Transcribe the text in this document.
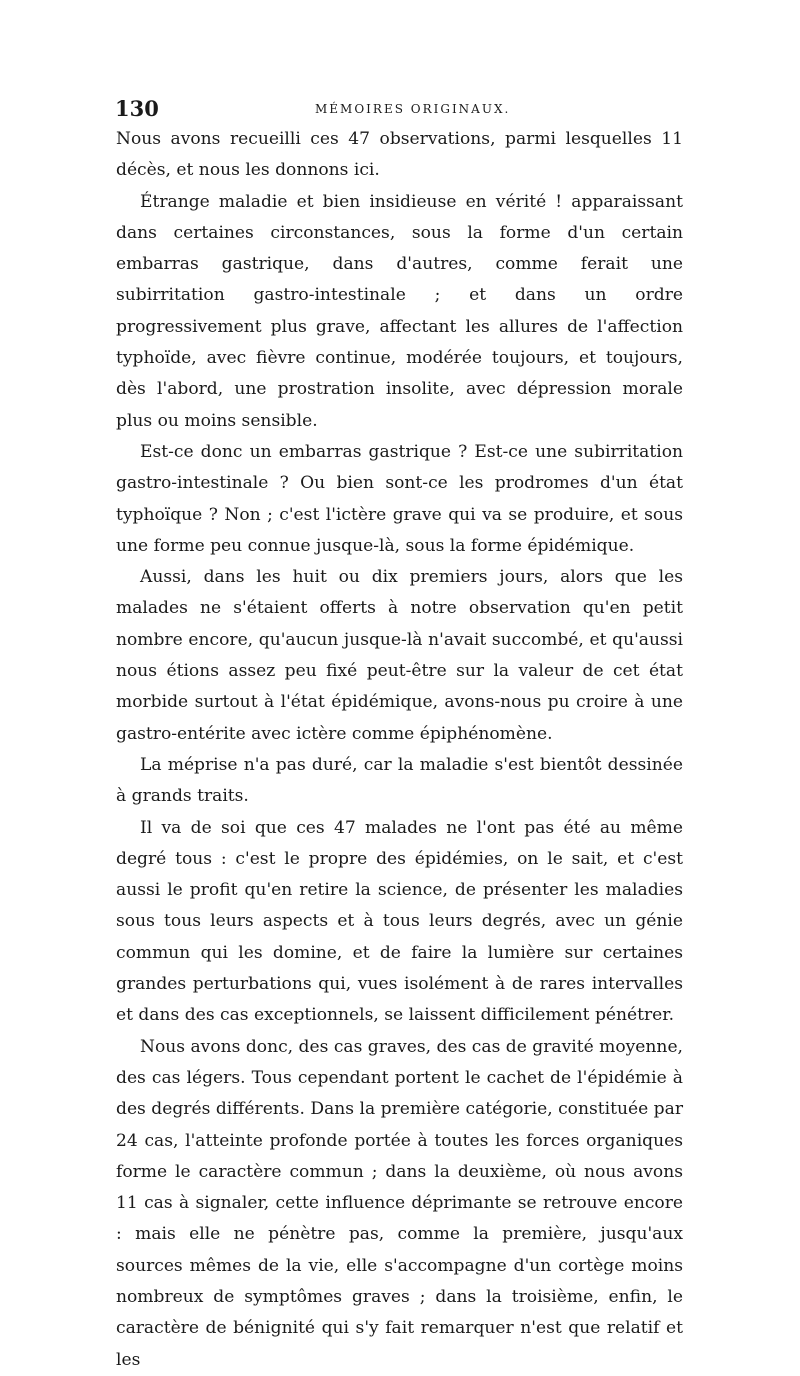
130	MÉMOIRES ORIGINAUX.

Nous avons recueilli ces 47 observations, parmi lesquelles 11 décès, et nous les donnons ici.

Étrange maladie et bien insidieuse en vérité ! apparaissant dans certaines circonstances, sous la forme d'un certain embarras gastrique, dans d'autres, comme ferait une subirritation gastro-intestinale ; et dans un ordre progressivement plus grave, affectant les allures de l'affection typhoïde, avec fièvre continue, modérée toujours, et toujours, dès l'abord, une prostration insolite, avec dépression morale plus ou moins sensible.

Est-ce donc un embarras gastrique ? Est-ce une subirritation gastro-intestinale ? Ou bien sont-ce les prodromes d'un état typhoïque ? Non ; c'est l'ictère grave qui va se produire, et sous une forme peu connue jusque-là, sous la forme épidémique.

Aussi, dans les huit ou dix premiers jours, alors que les malades ne s'étaient offerts à notre observation qu'en petit nombre encore, qu'aucun jusque-là n'avait succombé, et qu'aussi nous étions assez peu fixé peut-être sur la valeur de cet état morbide surtout à l'état épidémique, avons-nous pu croire à une gastro-entérite avec ictère comme épiphénomène.

La méprise n'a pas duré, car la maladie s'est bientôt dessinée à grands traits.

Il va de soi que ces 47 malades ne l'ont pas été au même degré tous : c'est le propre des épidémies, on le sait, et c'est aussi le profit qu'en retire la science, de présenter les maladies sous tous leurs aspects et à tous leurs degrés, avec un génie commun qui les domine, et de faire la lumière sur certaines grandes perturbations qui, vues isolément à de rares intervalles et dans des cas exceptionnels, se laissent difficilement pénétrer.

Nous avons donc, des cas graves, des cas de gravité moyenne, des cas légers. Tous cependant portent le cachet de l'épidémie à des degrés différents. Dans la première catégorie, constituée par 24 cas, l'atteinte profonde portée à toutes les forces organiques forme le caractère commun ; dans la deuxième, où nous avons 11 cas à signaler, cette influence déprimante se retrouve encore : mais elle ne pénètre pas, comme la première, jusqu'aux sources mêmes de la vie, elle s'accompagne d'un cortège moins nombreux de symptômes graves ; dans la troisième, enfin, le caractère de bénignité qui s'y fait remarquer n'est que relatif et les
